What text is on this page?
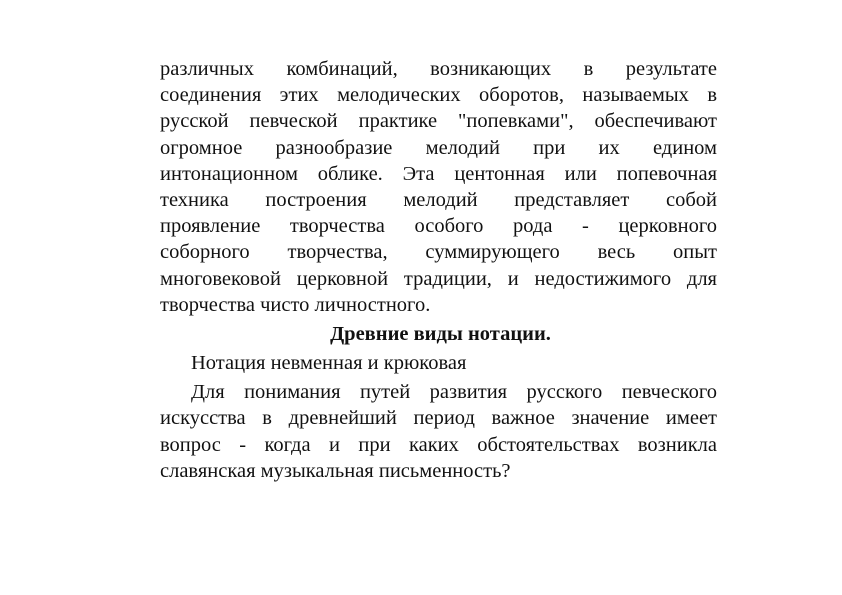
различных комбинаций, возникающих в результате
соединения этих мелодических оборотов, называемых в
русской певческой практике "попевками", обеспечивают
огромное разнообразие мелодий при их едином
интонационном облике. Эта центонная или попевочная
техника построения мелодий представляет собой
проявление творчества особого рода - церковного
соборного творчества, суммирующего весь опыт
многовековой церковной традиции, и недостижимого для
творчества чисто личностного.
Древние виды нотации.
Нотация невменная и крюковая
Для понимания путей развития русского певческого
искусства в древнейший период важное значение имеет
вопрос - когда и при каких обстоятельствах возникла
славянская музыкальная письменность?
